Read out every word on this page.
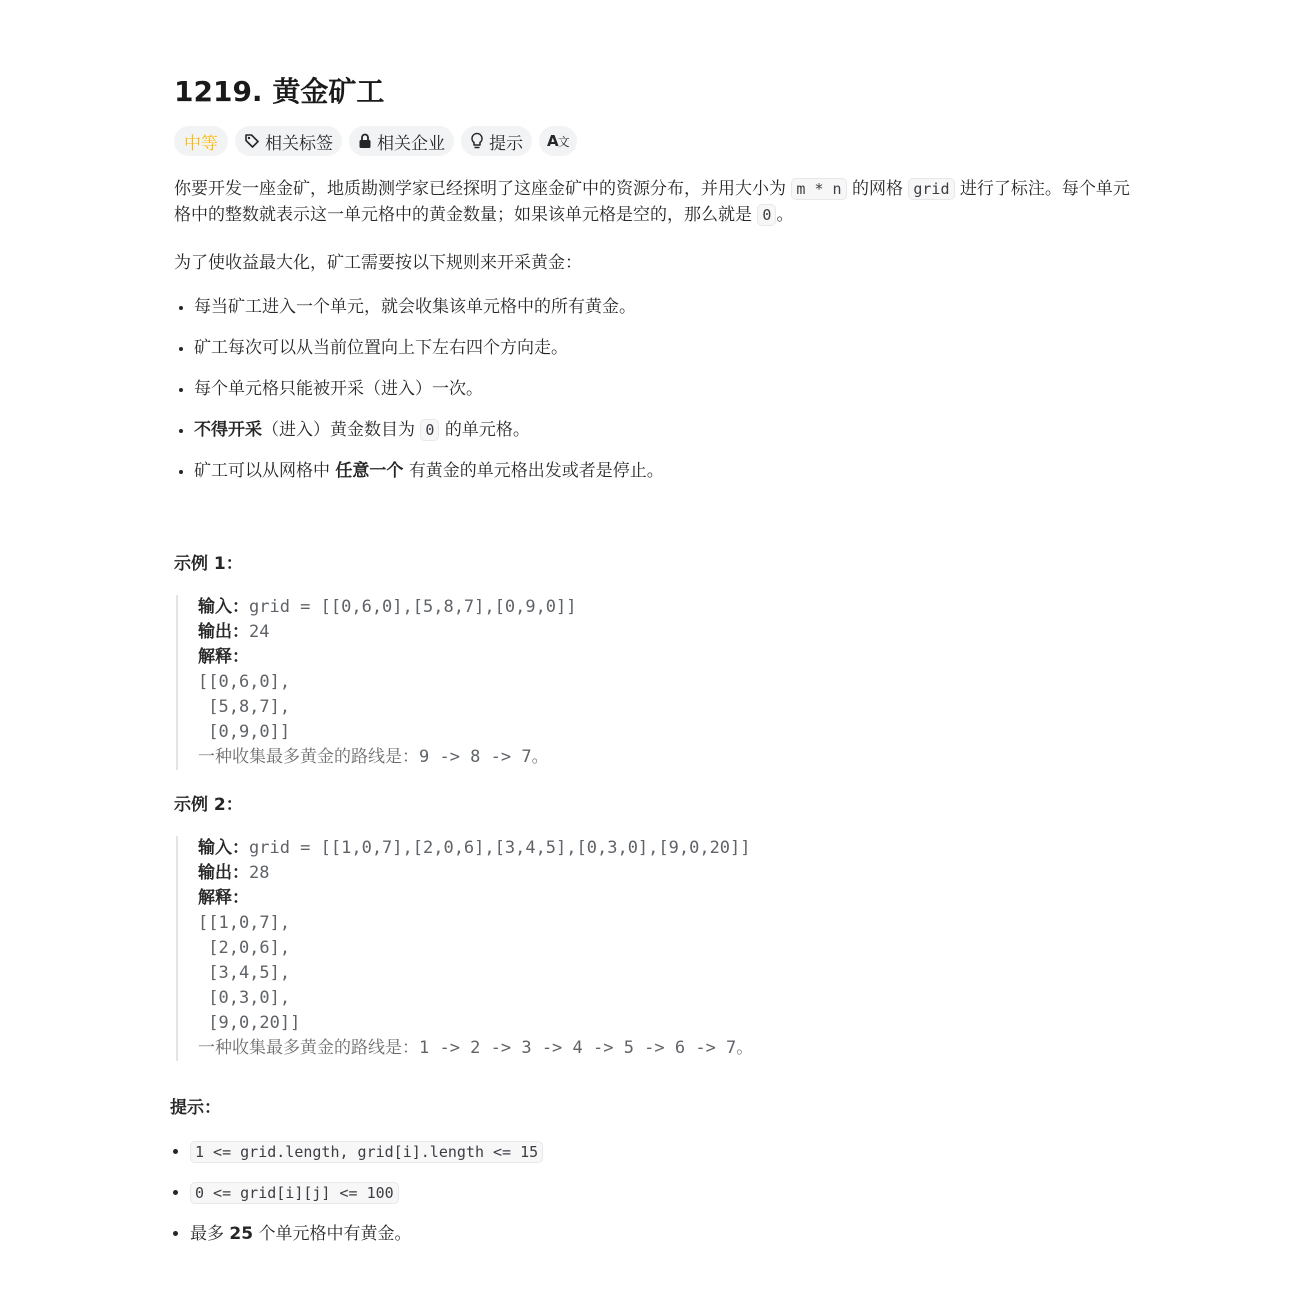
1219. 黄金矿工
中等	相关标签	相关企业	提示 A文

你要开发一座金矿，地质勘测学家已经探明了这座金矿中的资源分布，并用大小为 m * n 的网格 grid 进行了标注。每个单元格中的整数就表示这一单元格中的黄金数量；如果该单元格是空的，那么就是 0 。

为了使收益最大化，矿工需要按以下规则来开采黄金：

• 每当矿工进入一个单元，就会收集该单元格中的所有黄金。
• 矿工每次可以从当前位置向上下左右四个方向走。
• 每个单元格只能被开采（进入）一次。
• 不得开采（进入）黄金数目为 0 的单元格。
• 矿工可以从网格中 任意一个 有黄金的单元格出发或者是停止。
示例 1：
输入：grid = [[0,6,0],[5,8,7],[0,9,0]]
输出：24
解释：
[[0,6,0],
[5,8,7],
[0,9,0]]
一种收集最多黄金的路线是：9 -> 8 -> 7。
示例 2：
输入：grid = [[1,0,7],[2,0,6],[3,4,5],[0,3,0],[9,0,20]]
输出：28
解释：
[[1,0,7],
[2,0,6],
[3,4,5],
[0,3,0],
[9,0,20]]
一种收集最多黄金的路线是：1 -> 2 -> 3 -> 4 -> 5 -> 6 -> 7。
提示：
• 1 <= grid.length, grid[i].length <= 15
• 0 <= grid[i][j] <= 100
• 最多 25 个单元格中有黄金。
